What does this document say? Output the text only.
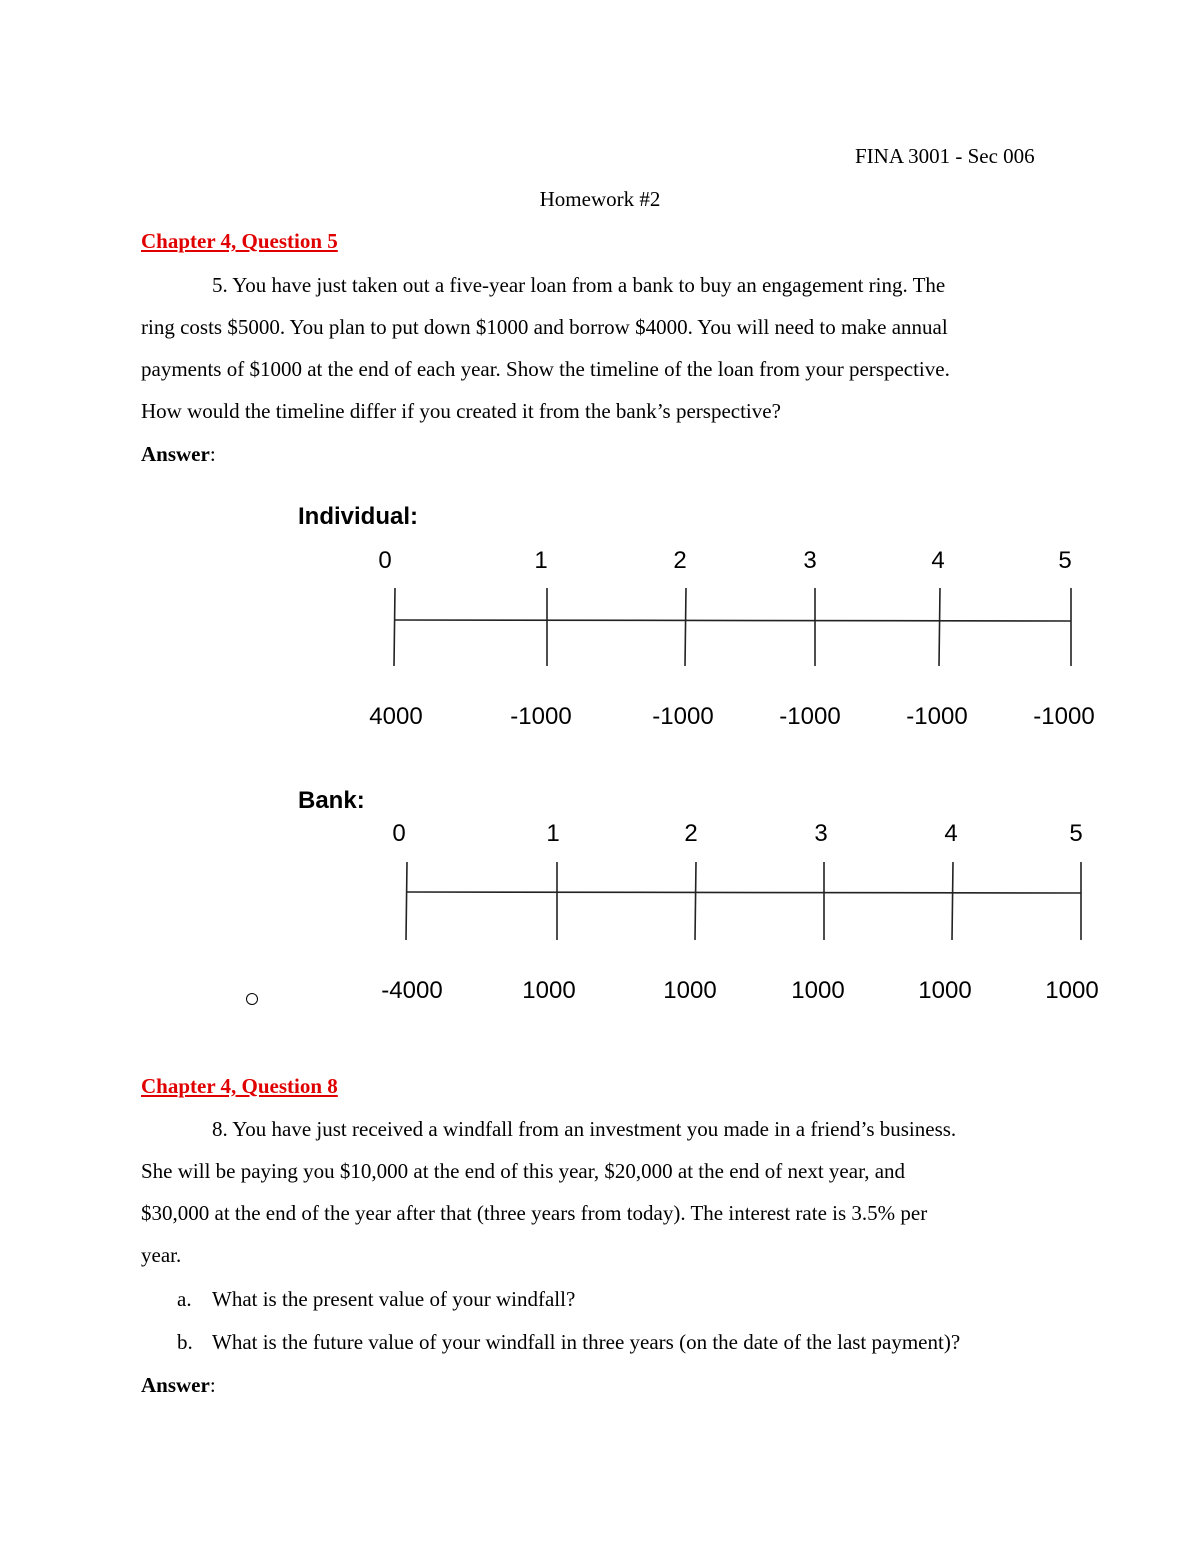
FINA 3001 - Sec 006
Homework #2
Chapter 4, Question 5

5. You have just taken out a five-year loan from a bank to buy an engagement ring. The

ring costs $5000. You plan to put down $1000 and borrow $4000. You will need to make annual

payments of $1000 at the end of each year. Show the timeline of the loan from your perspective.

How would the timeline differ if you created it from the bank’s perspective?

Answer:
Individual:
0	1	2	3	4	5
4000	-1000	-1000	-1000	-1000	-1000
Bank:
0	1	2	3	4	5
-4000	1000	1000	1000	1000	1000
Chapter 4, Question 8

8. You have just received a windfall from an investment you made in a friend’s business.

She will be paying you $10,000 at the end of this year, $20,000 at the end of next year, and

$30,000 at the end of the year after that (three years from today). The interest rate is 3.5% per

year.

a. What is the present value of your windfall?
b. What is the future value of your windfall in three years (on the date of the last payment)?
Answer:
